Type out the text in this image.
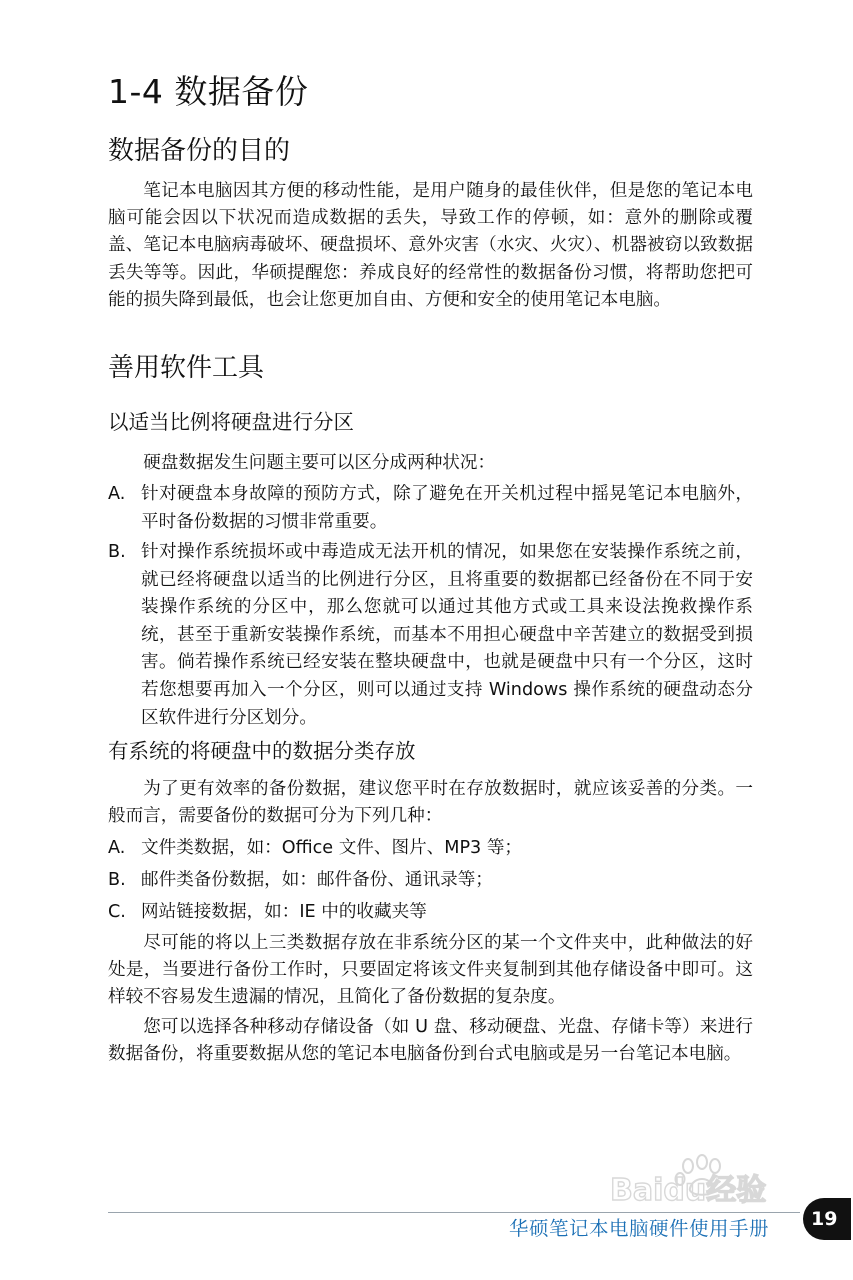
1-4 数据备份
数据备份的目的

笔记本电脑因其方便的移动性能，是用户随身的最佳伙伴，但是您的笔记本电脑可能会因以下状况而造成数据的丢失，导致工作的停顿，如：意外的删除或覆盖、笔记本电脑病毒破坏、硬盘损坏、意外灾害（水灾、火灾）、机器被窃以致数据丢失等等。因此，华硕提醒您：养成良好的经常性的数据备份习惯，将帮助您把可能的损失降到最低，也会让您更加自由、方便和安全的使用笔记本电脑。

善用软件工具
以适当比例将硬盘进行分区

硬盘数据发生问题主要可以区分成两种状况：

A. 针对硬盘本身故障的预防方式，除了避免在开关机过程中摇晃笔记本电脑外，平时备份数据的习惯非常重要。
B. 针对操作系统损坏或中毒造成无法开机的情况，如果您在安装操作系统之前，就已经将硬盘以适当的比例进行分区，且将重要的数据都已经备份在不同于安装操作系统的分区中，那么您就可以通过其他方式或工具来设法挽救操作系统，甚至于重新安装操作系统，而基本不用担心硬盘中辛苦建立的数据受到损害。倘若操作系统已经安装在整块硬盘中，也就是硬盘中只有一个分区，这时若您想要再加入一个分区，则可以通过支持 Windows 操作系统的硬盘动态分区软件进行分区划分。
有系统的将硬盘中的数据分类存放

为了更有效率的备份数据，建议您平时在存放数据时，就应该妥善的分类。一般而言，需要备份的数据可分为下列几种：

A. 文件类数据，如：Office 文件、图片、MP3 等；
B. 邮件类备份数据，如：邮件备份、通讯录等；
C. 网站链接数据，如：IE 中的收藏夹等

尽可能的将以上三类数据存放在非系统分区的某一个文件夹中，此种做法的好处是，当要进行备份工作时，只要固定将该文件夹复制到其他存储设备中即可。这样较不容易发生遗漏的情况，且简化了备份数据的复杂度。

您可以选择各种移动存储设备（如 U 盘、移动硬盘、光盘、存储卡等）来进行数据备份，将重要数据从您的笔记本电脑备份到台式电脑或是另一台笔记本电脑。

Baidu经验
华硕笔记本电脑硬件使用手册	19
